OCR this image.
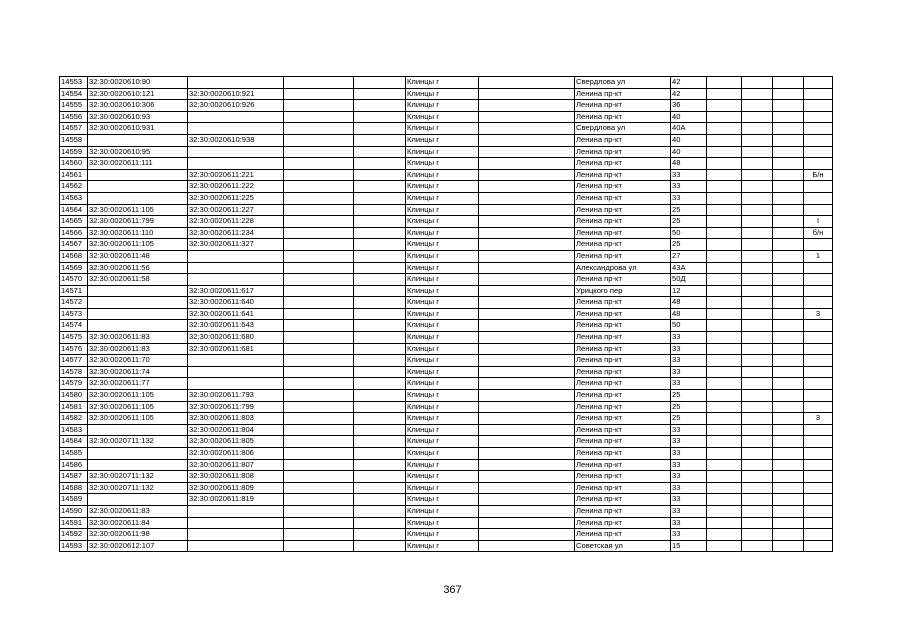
14553	32:30:0020610:90				Клинцы г		Свердлова ул	42				
14554	32:30:0020610:121	32:30:0020610:921			Клинцы г		Ленина пр-кт	42				
14555	32:30:0020610:306	32:30:0020610:926			Клинцы г		Ленина пр-кт	36				
14556	32:30:0020610:93				Клинцы г		Ленина пр-кт	40				
14557	32:30:0020610:931				Клинцы г		Свердлова ул	40А				
14558		32:30:0020610:938			Клинцы г		Ленина пр-кт	40				
14559	32:30:0020610:95				Клинцы г		Ленина пр-кт	40				
14560	32:30:0020611:111				Клинцы г		Ленина пр-кт	48				
14561		32:30:0020611:221			Клинцы г		Ленина пр-кт	33				Б/н
14562		32:30:0020611:222			Клинцы г		Ленина пр-кт	33				
14563		32:30:0020611:225			Клинцы г		Ленина пр-кт	33				
14564	32:30:0020611:105	32:30:0020611:227			Клинцы г		Ленина пр-кт	25				
14565	32:30:0020611:799	32:30:0020611:228			Клинцы г		Ленина пр-кт	25				I
14566	32:30:0020611:110	32:30:0020611:234			Клинцы г		Ленина пр-кт	50				б/н
14567	32:30:0020611:105	32:30:0020611:327			Клинцы г		Ленина пр-кт	25				
14568	32:30:0020611:48				Клинцы г		Ленина пр-кт	27				1
14569	32:30:0020611:56				Клинцы г		Александрова ул	43А				
14570	32:30:0020611:58				Клинцы г		Ленина пр-кт	50Д				
14571		32:30:0020611:617			Клинцы г		Урицкого пер	12				
14572		32:30:0020611:640			Клинцы г		Ленина пр-кт	48				
14573		32:30:0020611:641			Клинцы г		Ленина пр-кт	48				3
14574		32:30:0020611:643			Клинцы г		Ленина пр-кт	50				
14575	32:30:0020611:83	32:30:0020611:680			Клинцы г		Ленина пр-кт	33				
14576	32:30:0020611:83	32:30:0020611:681			Клинцы г		Ленина пр-кт	33				
14577	32:30:0020611:70				Клинцы г		Ленина пр-кт	33				
14578	32:30:0020611:74				Клинцы г		Ленина пр-кт	33				
14579	32:30:0020611:77				Клинцы г		Ленина пр-кт	33				
14580	32:30:0020611:105	32:30:0020611:793			Клинцы г		Ленина пр-кт	25				
14581	32:30:0020611:105	32:30:0020611:799			Клинцы г		Ленина пр-кт	25				
14582	32:30:0020611:105	32:30:0020611:803			Клинцы г		Ленина пр-кт	25				3
14583		32:30:0020611:804			Клинцы г		Ленина пр-кт	33				
14584	32:30:0020711:132	32:30:0020611:805			Клинцы г		Ленина пр-кт	33				
14585		32:30:0020611:806			Клинцы г		Ленина пр-кт	33				
14586		32:30:0020611:807			Клинцы г		Ленина пр-кт	33				
14587	32:30:0020711:132	32:30:0020611:808			Клинцы г		Ленина пр-кт	33				
14588	32:30:0020711:132	32:30:0020611:809			Клинцы г		Ленина пр-кт	33				
14589		32:30:0020611:819			Клинцы г		Ленина пр-кт	33				
14590	32:30:0020611:83				Клинцы г		Ленина пр-кт	33				
14591	32:30:0020611:84				Клинцы г		Ленина пр-кт	33				
14592	32:30:0020611:98				Клинцы г		Ленина пр-кт	33				
14593	32:30:0020612:107				Клинцы г		Советская ул	15				
367
